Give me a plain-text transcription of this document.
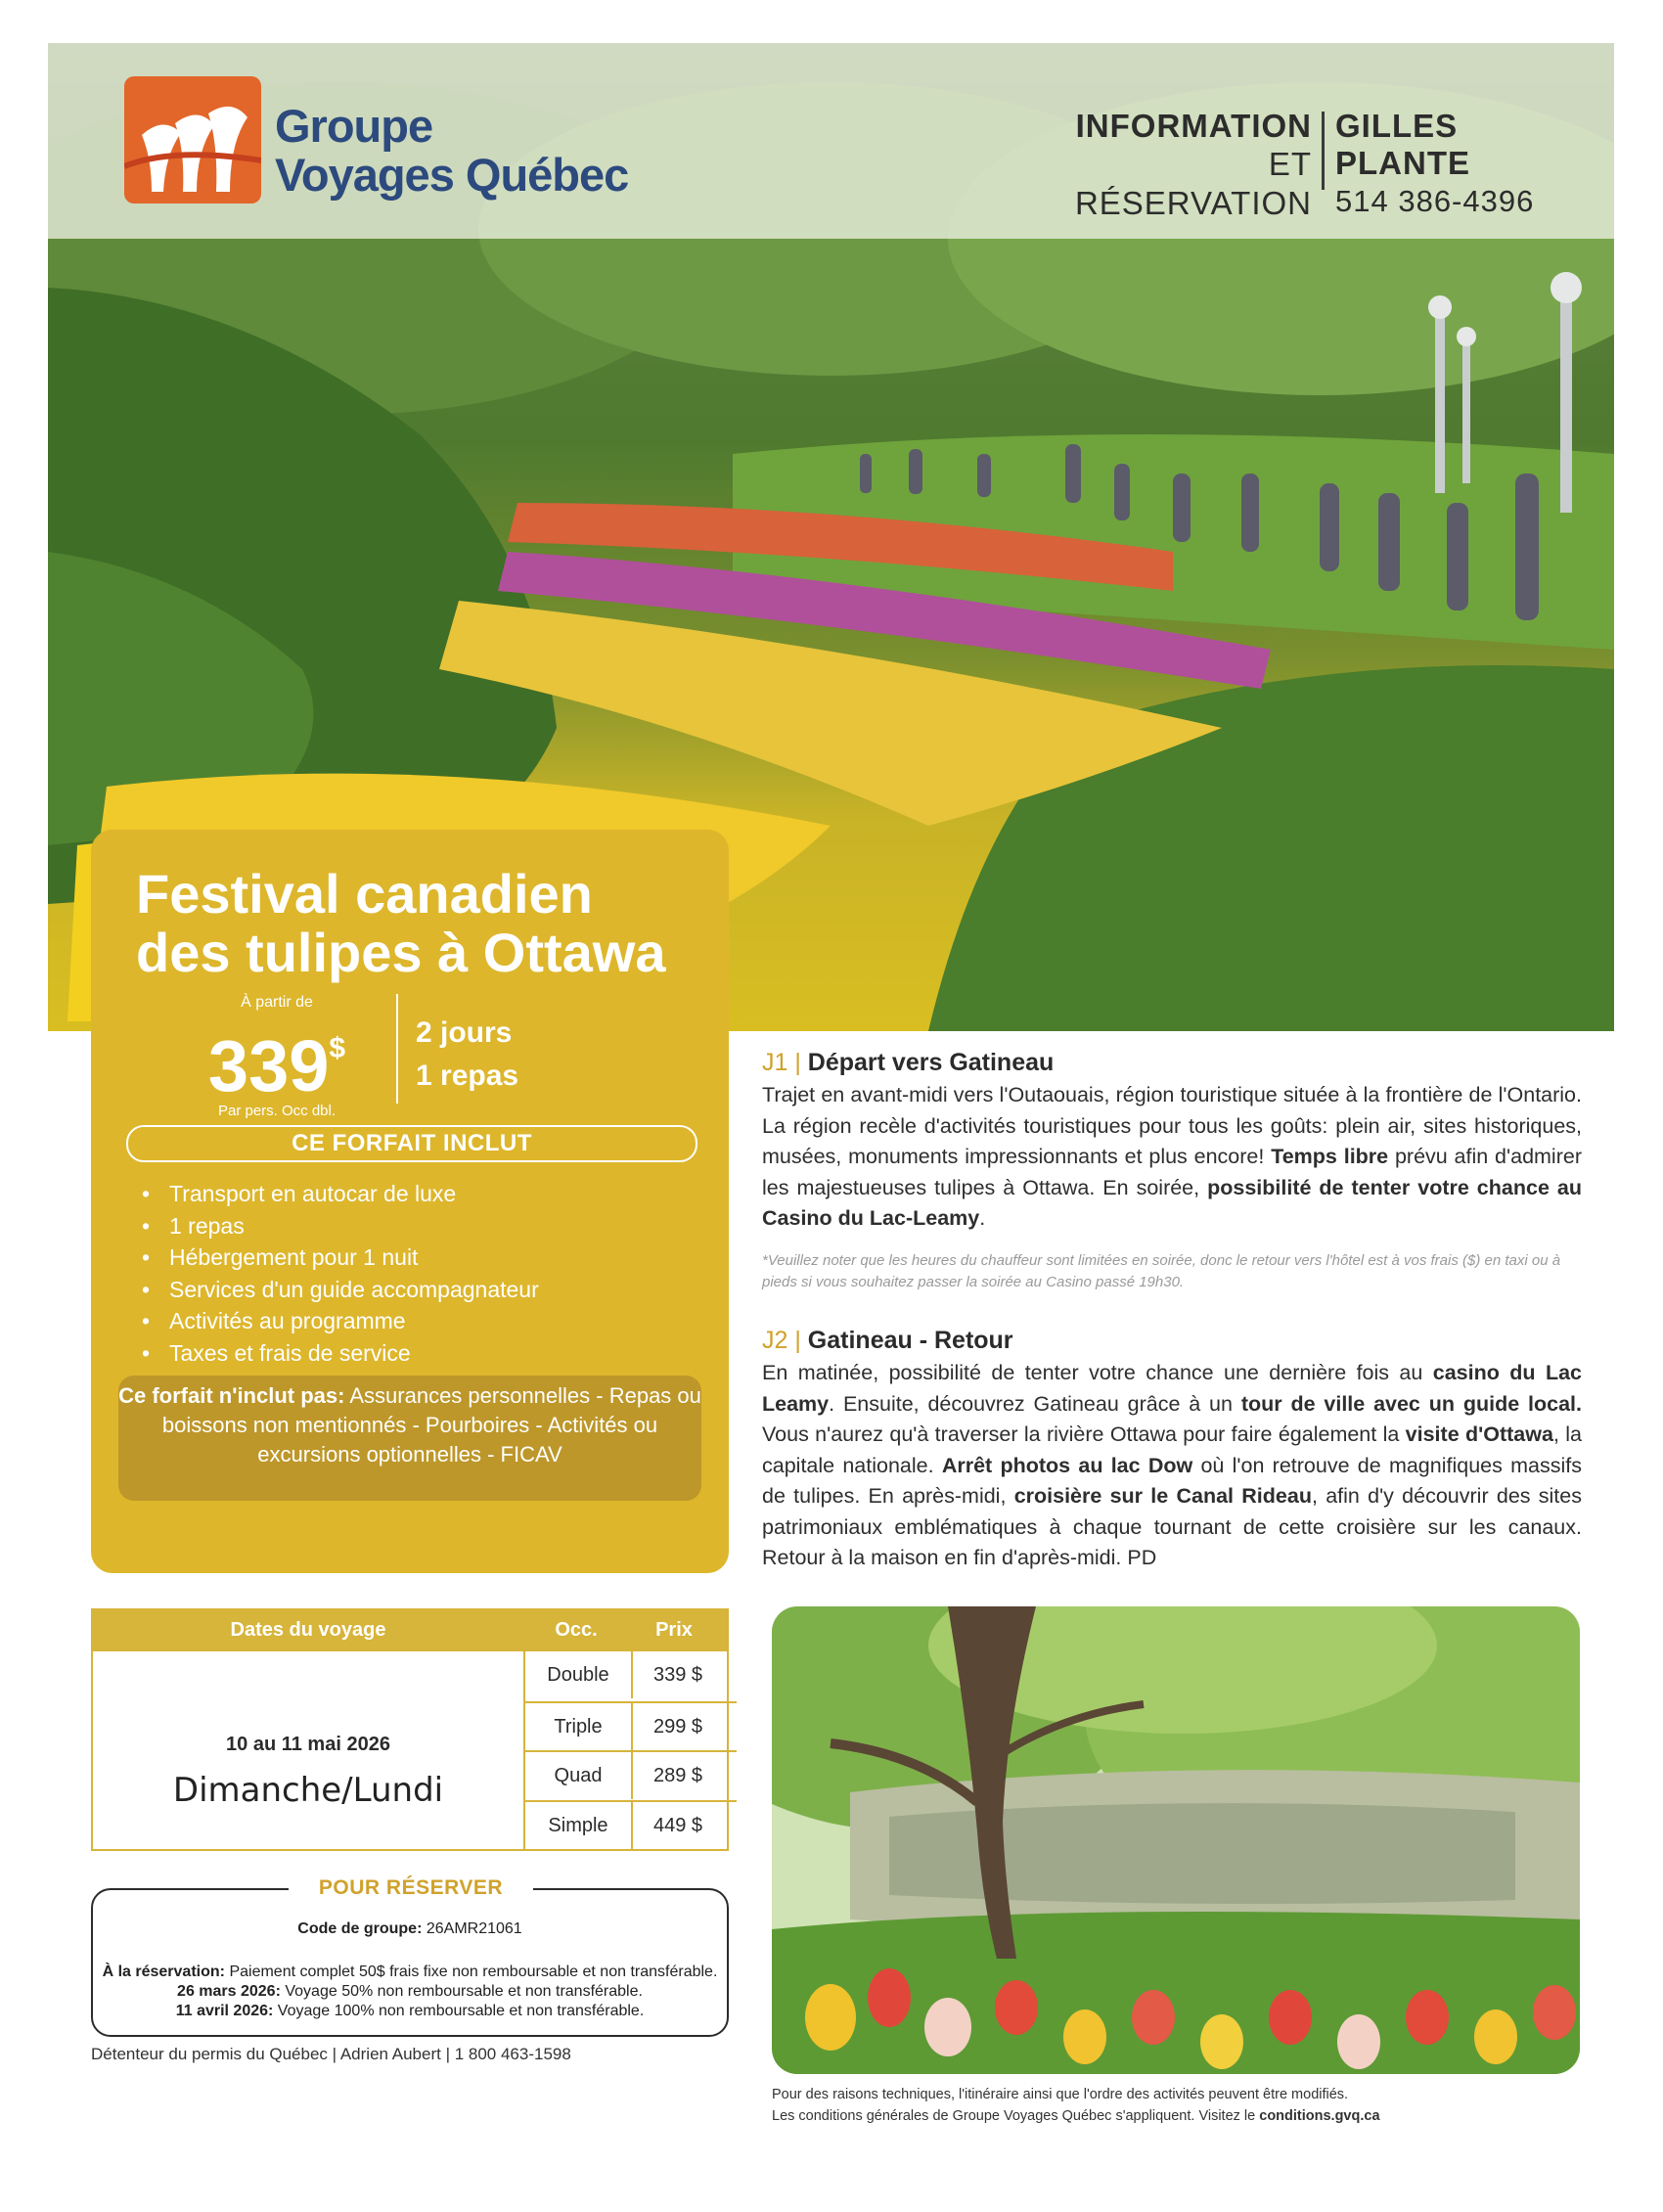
Groupe
Voyages Québec
INFORMATION
ET RÉSERVATION
GILLES PLANTE
514 386-4396
Festival canadien
des tulipes à Ottawa
À partir de
339$
Par pers. Occ dbl.
2 jours
1 repas
CE FORFAIT INCLUT
• Transport en autocar de luxe
• 1 repas
• Hébergement pour 1 nuit
• Services d'un guide accompagnateur
• Activités au programme
• Taxes et frais de service
Ce forfait n'inclut pas: Assurances personnelles - Repas ou boissons non mentionnés - Pourboires - Activités ou excursions optionnelles - FICAV
Dates du voyage	Occ.	Prix
10 au 11 mai 2026
Dimanche/Lundi
Double	339 $
Triple	299 $
Quad	289 $
Simple	449 $
POUR RÉSERVER
Code de groupe: 26AMR21061
À la réservation: Paiement complet 50$ frais fixe non remboursable et non transférable.
26 mars 2026: Voyage 50% non remboursable et non transférable.
11 avril 2026: Voyage 100% non remboursable et non transférable.
Détenteur du permis du Québec | Adrien Aubert | 1 800 463-1598
J1 | Départ vers Gatineau
Trajet en avant-midi vers l'Outaouais, région touristique située à la frontière de l'Ontario. La région recèle d'activités touristiques pour tous les goûts: plein air, sites historiques, musées, monuments impressionnants et plus encore! Temps libre prévu afin d'admirer les majestueuses tulipes à Ottawa. En soirée, possibilité de tenter votre chance au Casino du Lac-Leamy.
*Veuillez noter que les heures du chauffeur sont limitées en soirée, donc le retour vers l'hôtel est à vos frais ($) en taxi ou à pieds si vous souhaitez passer la soirée au Casino passé 19h30.
J2 | Gatineau - Retour
En matinée, possibilité de tenter votre chance une dernière fois au casino du Lac Leamy. Ensuite, découvrez Gatineau grâce à un tour de ville avec un guide local. Vous n'aurez qu'à traverser la rivière Ottawa pour faire également la visite d'Ottawa, la capitale nationale. Arrêt photos au lac Dow où l'on retrouve de magnifiques massifs de tulipes. En après-midi, croisière sur le Canal Rideau, afin d'y découvrir des sites patrimoniaux emblématiques à chaque tournant de cette croisière sur les canaux. Retour à la maison en fin d'après-midi. PD
Pour des raisons techniques, l'itinéraire ainsi que l'ordre des activités peuvent être modifiés.
Les conditions générales de Groupe Voyages Québec s'appliquent. Visitez le conditions.gvq.ca
